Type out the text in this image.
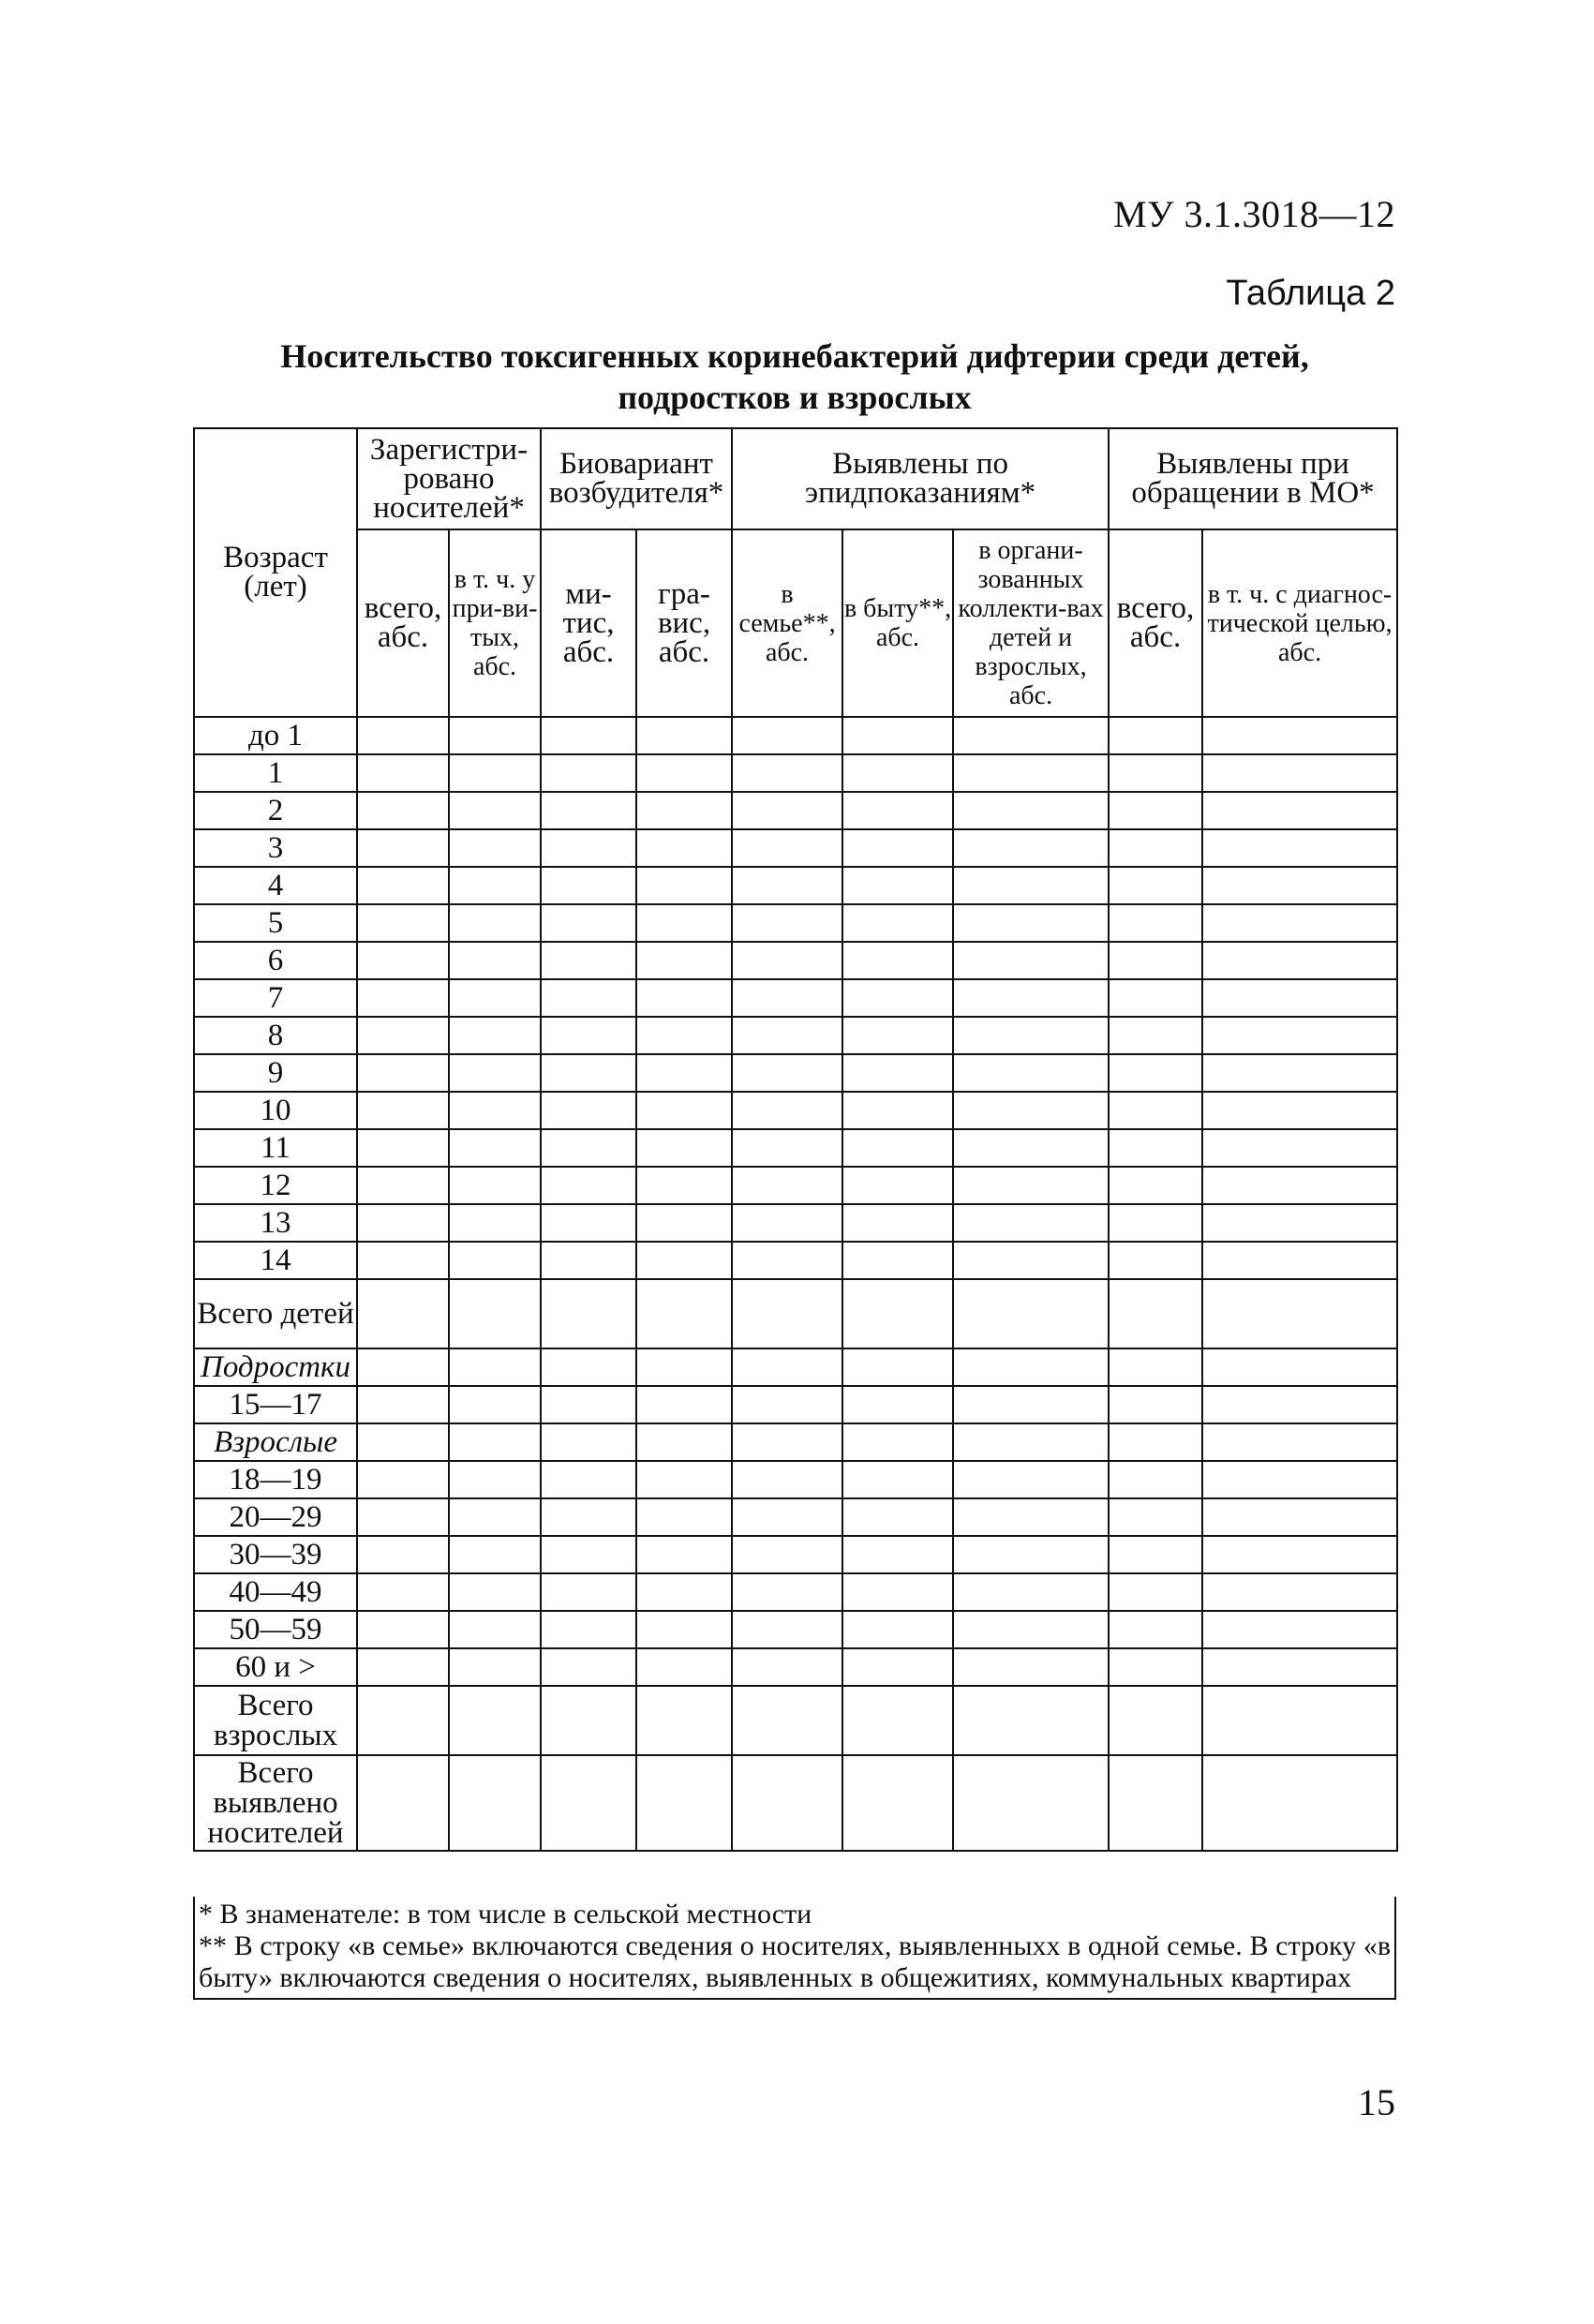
МУ 3.1.3018—12
Таблица 2
Носительство токсигенных коринебактерий дифтерии среди детей,
подростков и взрослых
Возраст (лет)	Зарегистри-ровано носителей*		Биовариант возбудителя*		Выявлены по эпидпоказаниям*			Выявлены при обращении в МО*	
	всего, абс.	в т. ч. у при-ви-тых, абс.	ми-тис, абс.	гра-вис, абс.	в семье**, абс.	в быту**, абс.	в органи-зованных коллекти-вах детей и взрослых, абс.	всего, абс.	в т. ч. с диагнос-тической целью, абс.
до 1									
1									
2									
3									
4									
5									
6									
7									
8									
9									
10									
11									
12									
13									
14									
Всего детей									
Подростки									
15—17									
Взрослые									
18—19									
20—29									
30—39									
40—49									
50—59									
60 и >									
Всего взрослых									
Всего выявлено носителей									

* В знаменателе: в том числе в сельской местности

** В строку «в семье» включаются сведения о носителях, выявленныхх в одной семье. В строку «в быту» включаются сведения о носителях, выявленных в общежитиях, коммунальных квартирах

15
